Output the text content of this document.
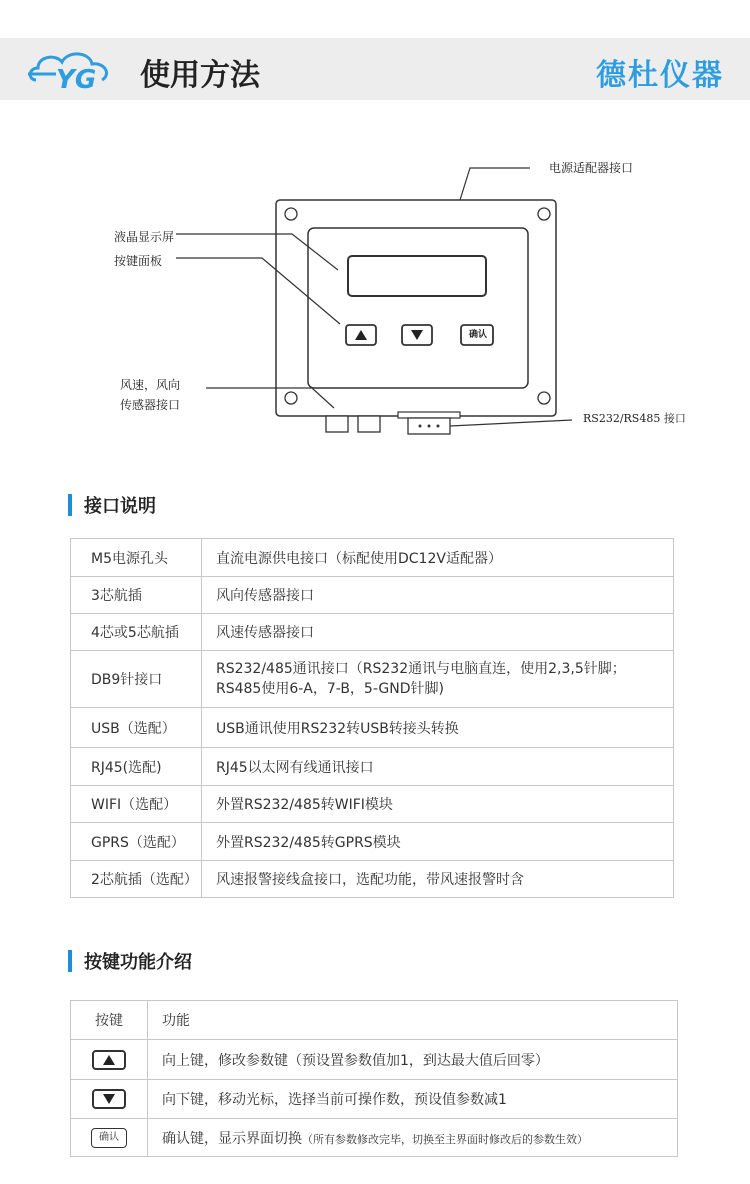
YG 使用方法	德杜仪器
电源适配器接口
液晶显示屏
按键面板
风速，风向
传感器接口
RS232/RS485 接口
确认
接口说明
M5电源孔头	直流电源供电接口（标配使用DC12V适配器）
3芯航插	风向传感器接口
4芯或5芯航插	风速传感器接口
DB9针接口	RS232/485通讯接口（RS232通讯与电脑直连，使用2,3,5针脚；
RS485使用6-A，7-B，5-GND针脚)

USB（选配）	USB通讯使用RS232转USB转接头转换
RJ45(选配)	RJ45以太网有线通讯接口
WIFI（选配）	外置RS232/485转WIFI模块
GPRS（选配）	外置RS232/485转GPRS模块
2芯航插（选配）	风速报警接线盒接口，选配功能，带风速报警时含
按键功能介绍
按键	功能

	向上键，修改参数键（预设置参数值加1，到达最大值后回零）

	向下键，移动光标，选择当前可操作数，预设值参数减1
确认	确认键，显示界面切换（所有参数修改完毕，切换至主界面时修改后的参数生效）
